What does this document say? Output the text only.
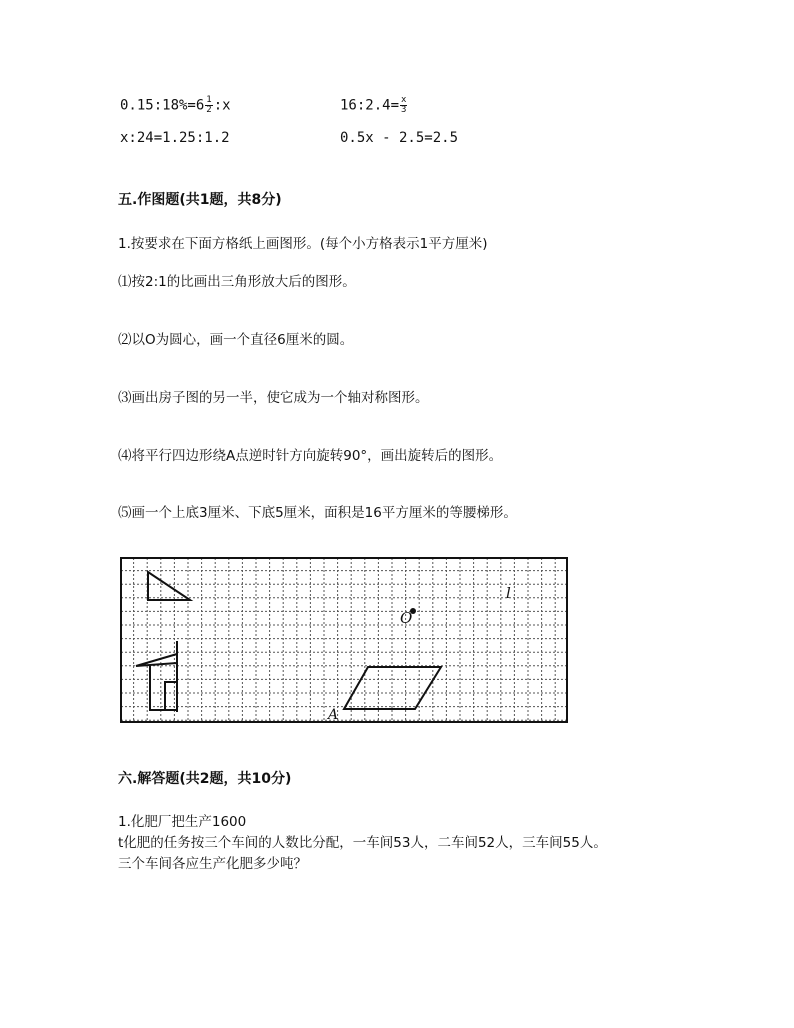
0.15:18%=6 $\frac{1}{2}$ :x	16:2.4= $\frac{x}{3}$
x:24=1.25:1.2	0.5x - 2.5=2.5
五.作图题(共1题，共8分)
1.按要求在下面方格纸上画图形。(每个小方格表示1平方厘米)
⑴按2:1的比画出三角形放大后的图形。
⑵以O为圆心，画一个直径6厘米的圆。
⑶画出房子图的另一半，使它成为一个轴对称图形。
⑷将平行四边形绕A点逆时针方向旋转90°，画出旋转后的图形。
⑸画一个上底3厘米、下底5厘米，面积是16平方厘米的等腰梯形。
O
l
A
六.解答题(共2题，共10分)
1.化肥厂把生产1600
t化肥的任务按三个车间的人数比分配，一车间53人，二车间52人，三车间55人。
三个车间各应生产化肥多少吨？
